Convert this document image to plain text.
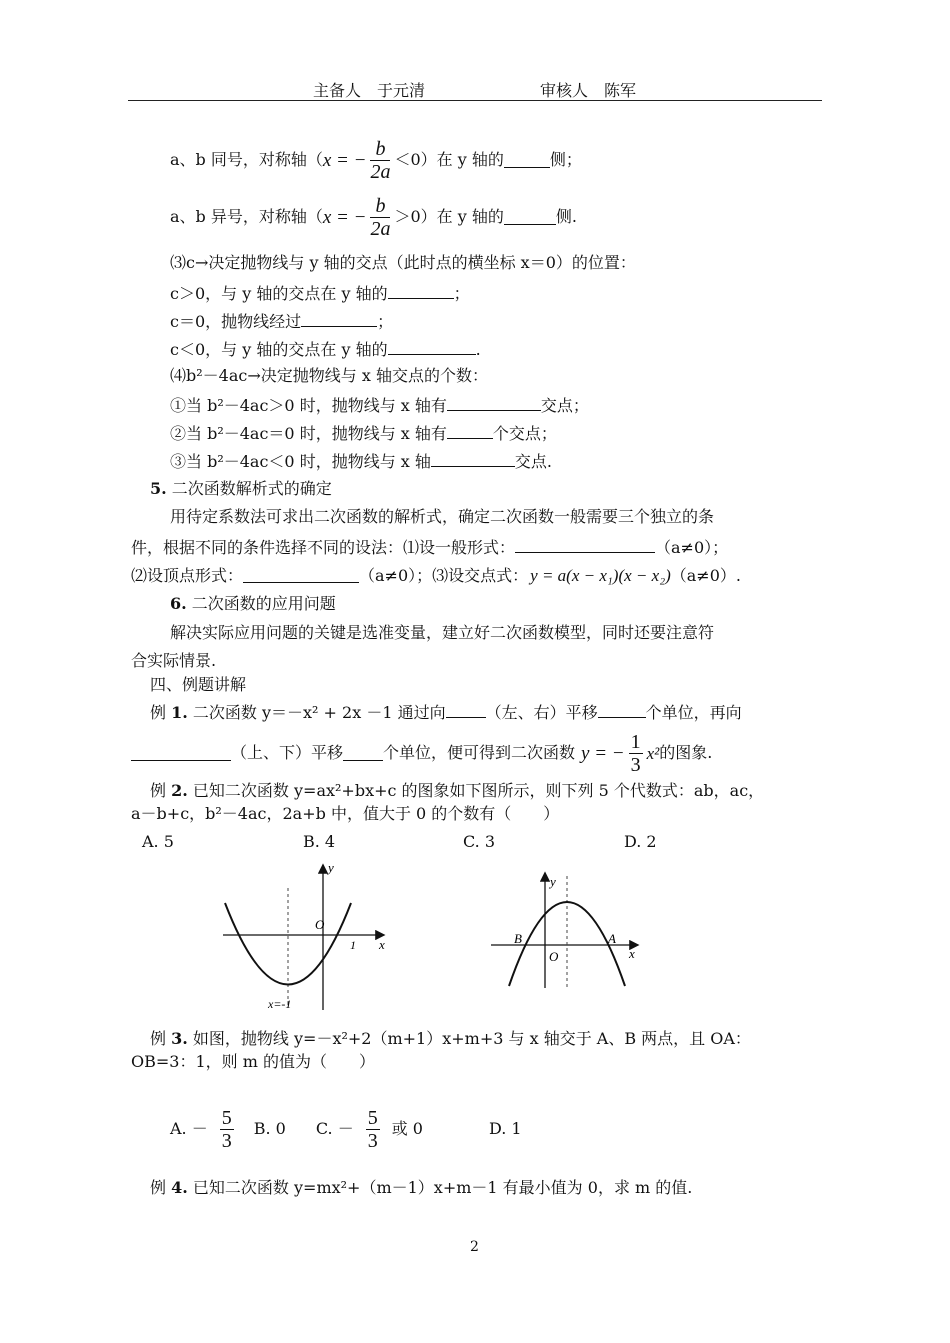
主备人　于元清	审核人　陈军
a、b 同号，对称轴（ x = − $\frac{b}{2a} <0$）在 y 轴的	侧；
a、b 异号，对称轴（ x = − $\frac{b}{2a} >0$）在 y 轴的	侧.
⑶c→决定抛物线与 y 轴的交点（此时点的横坐标 x＝0）的位置：
c＞0，与 y 轴的交点在 y 轴的	；
c＝0，抛物线经过	；
c＜0，与 y 轴的交点在 y 轴的	.
⑷b²－4ac→决定抛物线与 x 轴交点的个数：
①当 b²－4ac＞0 时，抛物线与 x 轴有	交点；
②当 b²－4ac＝0 时，抛物线与 x 轴有	个交点；
③当 b²－4ac＜0 时，抛物线与 x 轴	交点.
5. 二次函数解析式的确定
用待定系数法可求出二次函数的解析式，确定二次函数一般需要三个独立的条
件，根据不同的条件选择不同的设法：⑴设一般形式：	（a≠0）；
⑵设顶点形式：	（a≠0）；⑶设交点式： y = a(x − x₁)(x − x₂) （a≠0）.
6. 二次函数的应用问题
解决实际应用问题的关键是选准变量，建立好二次函数模型，同时还要注意符
合实际情景.
四、例题讲解
例 1. 二次函数 y＝－x² + 2x －1 通过向	（左、右）平移	个单位，再向
（上、下）平移	个单位，便可得到二次函数 y = − $\frac{1}{3} x^2$ 的图象.
例 2. 已知二次函数 y=ax²+bx+c 的图象如下图所示，则下列 5 个代数式：ab，ac，
a－b+c，b²－4ac，2a+b 中，值大于 0 的个数有（　　）
A. 5	B. 4	C. 3	D. 2
y
x
O
1
x=-1
y
x
O
B	A
例 3. 如图，抛物线 y=－x²+2（m+1）x+m+3 与 x 轴交于 A、B 两点，且 OA：
OB=3：1，则 m 的值为（　　）
A. － $\frac{5}{3} B$. 0 C. － $\frac{5}{3}$ 或 0	D. 1
例 4. 已知二次函数 y=mx²+（m－1）x+m－1 有最小值为 0，求 m 的值.
2
